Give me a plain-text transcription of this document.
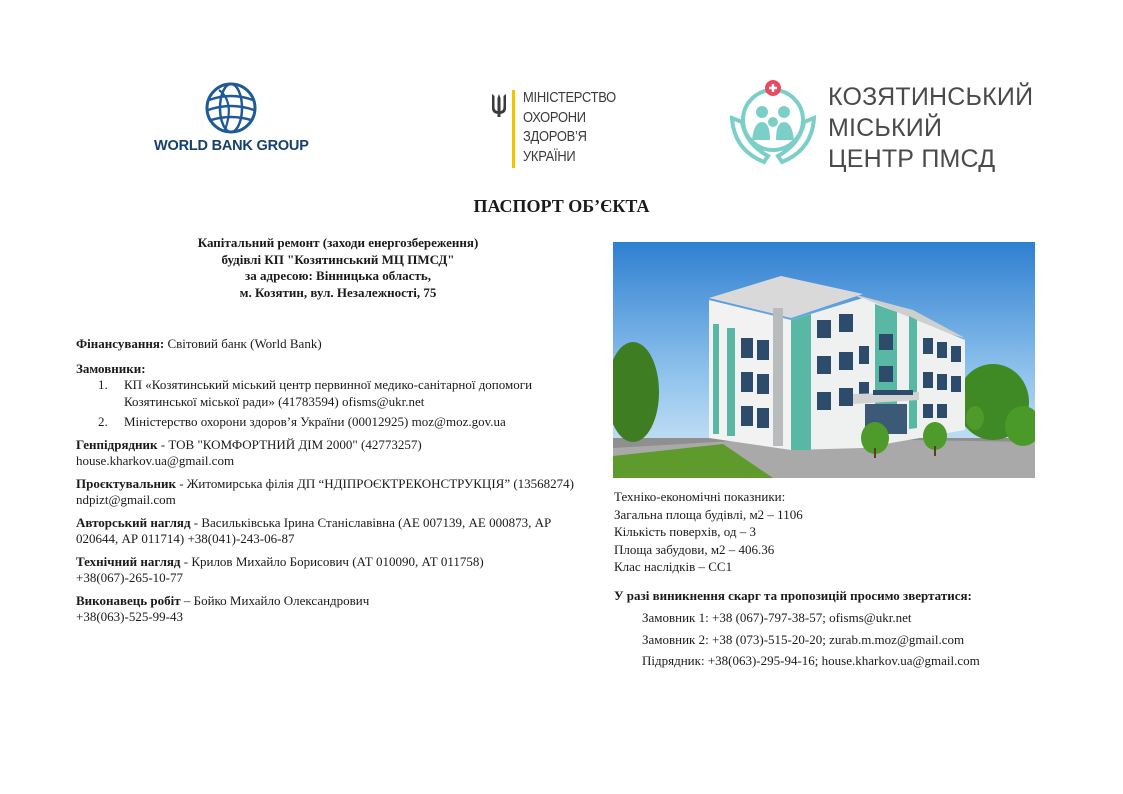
WORLD BANK GROUP
МІНІСТЕРСТВО
ОХОРОНИ
ЗДОРОВ’Я
УКРАЇНИ
КОЗЯТИНСЬКИЙ
МІСЬКИЙ
ЦЕНТР ПМСД
ПАСПОРТ ОБ’ЄКТА
Капітальний ремонт (заходи енергозбереження)
будівлі КП "Козятинський МЦ ПМСД"
за адресою: Вінницька область,
м. Козятин, вул. Незалежності, 75
Фінансування: Світовий банк (World Bank)
Замовники:
1.	КП «Козятинський міський центр первинної медико-санітарної допомоги Козятинської міської ради» (41783594) ofisms@ukr.net
2.	Міністерство охорони здоров’я України (00012925) moz@moz.gov.ua
Генпідрядник - ТОВ "КОМФОРТНИЙ ДІМ 2000" (42773257)
house.kharkov.ua@gmail.com
Проєктувальник - Житомирська філія ДП “НДІПРОЄКТРЕКОНСТРУКЦІЯ” (13568274) ndpizt@gmail.com
Авторський нагляд - Васильківська Ірина Станіславівна (АЕ 007139, АЕ 000873, АР 020644, АР 011714) +38(041)-243-06-87
Технічний нагляд - Крилов Михайло Борисович (АТ 010090, АТ 011758)
+38(067)-265-10-77
Виконавець робіт – Бойко Михайло Олександрович
+38(063)-525-99-43
Техніко-економічні показники:
Загальна площа будівлі, м2 – 1106
Кількість поверхів, од – 3
Площа забудови, м2 – 406.36
Клас наслідків – СС1
У разі виникнення скарг та пропозицій просимо звертатися:
Замовник 1: +38 (067)-797-38-57; ofisms@ukr.net
Замовник 2: +38 (073)-515-20-20; zurab.m.moz@gmail.com
Підрядник: +38(063)-295-94-16; house.kharkov.ua@gmail.com
